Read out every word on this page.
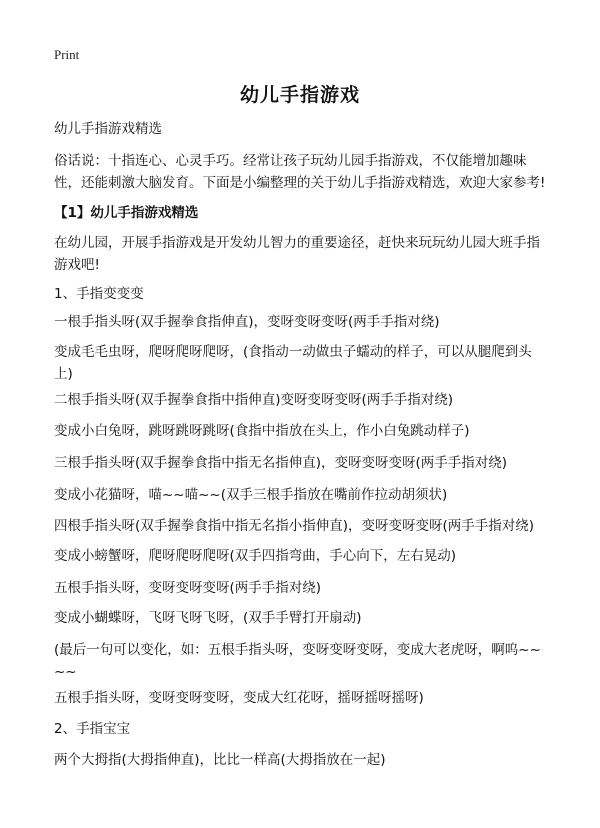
Print
幼儿手指游戏
幼儿手指游戏精选
俗话说：十指连心、心灵手巧。经常让孩子玩幼儿园手指游戏，不仅能增加趣味性，还能刺激大脑发育。下面是小编整理的关于幼儿手指游戏精选，欢迎大家参考!
【1】幼儿手指游戏精选
在幼儿园，开展手指游戏是开发幼儿智力的重要途径，赶快来玩玩幼儿园大班手指游戏吧!
1、手指变变变
一根手指头呀(双手握拳食指伸直)，变呀变呀变呀(两手手指对绕)
变成毛毛虫呀，爬呀爬呀爬呀，(食指动一动做虫子蠕动的样子，可以从腿爬到头上)
二根手指头呀(双手握拳食指中指伸直)变呀变呀变呀(两手手指对绕)
变成小白兔呀，跳呀跳呀跳呀(食指中指放在头上，作小白兔跳动样子)
三根手指头呀(双手握拳食指中指无名指伸直)，变呀变呀变呀(两手手指对绕)
变成小花猫呀，喵~~喵~~(双手三根手指放在嘴前作拉动胡须状)
四根手指头呀(双手握拳食指中指无名指小指伸直)，变呀变呀变呀(两手手指对绕)
变成小螃蟹呀，爬呀爬呀爬呀(双手四指弯曲，手心向下，左右晃动)
五根手指头呀，变呀变呀变呀(两手手指对绕)
变成小蝴蝶呀，飞呀飞呀飞呀，(双手手臂打开扇动)
(最后一句可以变化，如：五根手指头呀，变呀变呀变呀，变成大老虎呀，啊呜~~~~
五根手指头呀，变呀变呀变呀，变成大红花呀，摇呀摇呀摇呀)
2、手指宝宝
两个大拇指(大拇指伸直)，比比一样高(大拇指放在一起)
